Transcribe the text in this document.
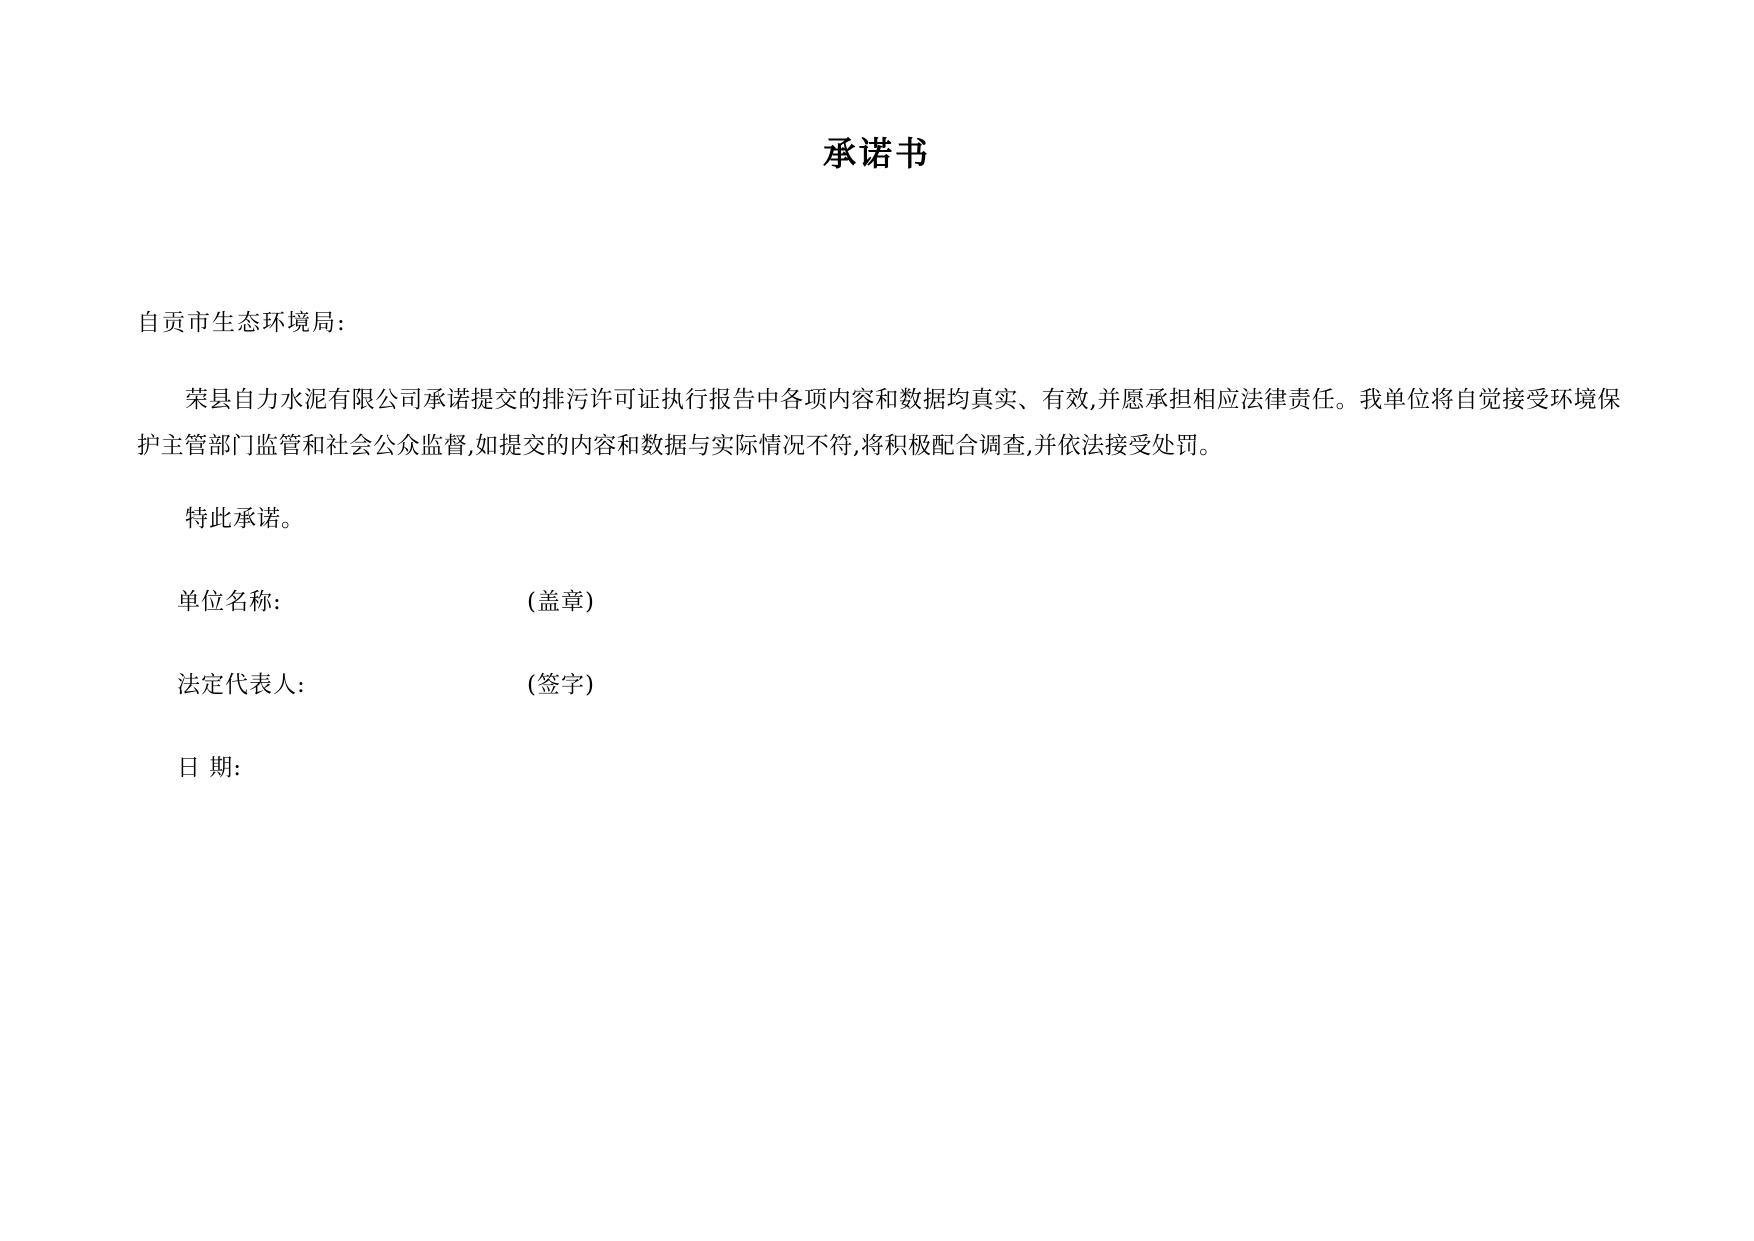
承诺书
自贡市生态环境局:
荣县自力水泥有限公司承诺提交的排污许可证执行报告中各项内容和数据均真实、有效,并愿承担相应法律责任。我单位将自觉接受环境保护主管部门监管和社会公众监督,如提交的内容和数据与实际情况不符,将积极配合调查,并依法接受处罚。
特此承诺。
单位名称:	(盖章)
法定代表人:	(签字)
日 期:
